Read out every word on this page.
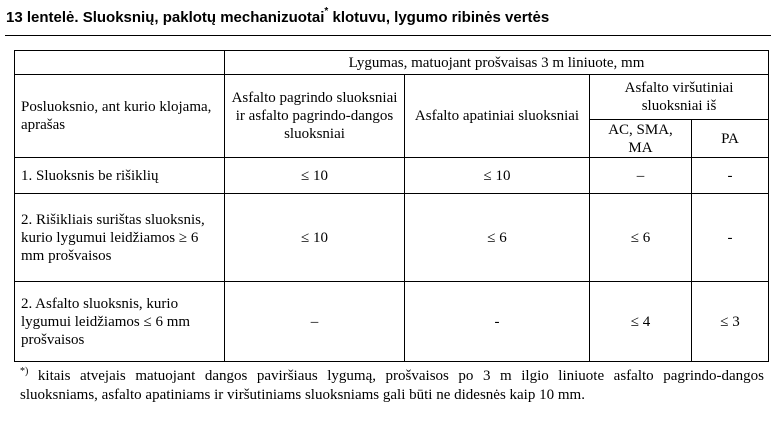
13 lentelė. Sluoksnių, paklotų mechanizuotai* klotuvu, lygumo ribinės vertės
	Lygumas, matuojant prošvaisas 3 m liniuote, mm			
Posluoksnio, ant kurio klojama, aprašas	Asfalto pagrindo sluoksniai ir asfalto pagrindo-dangos sluoksniai	Asfalto apatiniai sluoksniai	Asfalto viršutiniai sluoksniai iš	
			AC, SMA, MA	PA
1. Sluoksnis be rišiklių	≤ 10	≤ 10	–	-
2. Rišikliais surištas sluoksnis, kurio lygumui leidžiamos ≥ 6 mm prošvaisos	≤ 10	≤ 6	≤ 6	-
2. Asfalto sluoksnis, kurio lygumui leidžiamos ≤ 6 mm prošvaisos	–	-	≤ 4	≤ 3
*) kitais atvejais matuojant dangos paviršiaus lygumą, prošvaisos po 3 m ilgio liniuote asfalto pagrindo-dangos sluoksniams, asfalto apatiniams ir viršutiniams sluoksniams gali būti ne didesnės kaip 10 mm.
